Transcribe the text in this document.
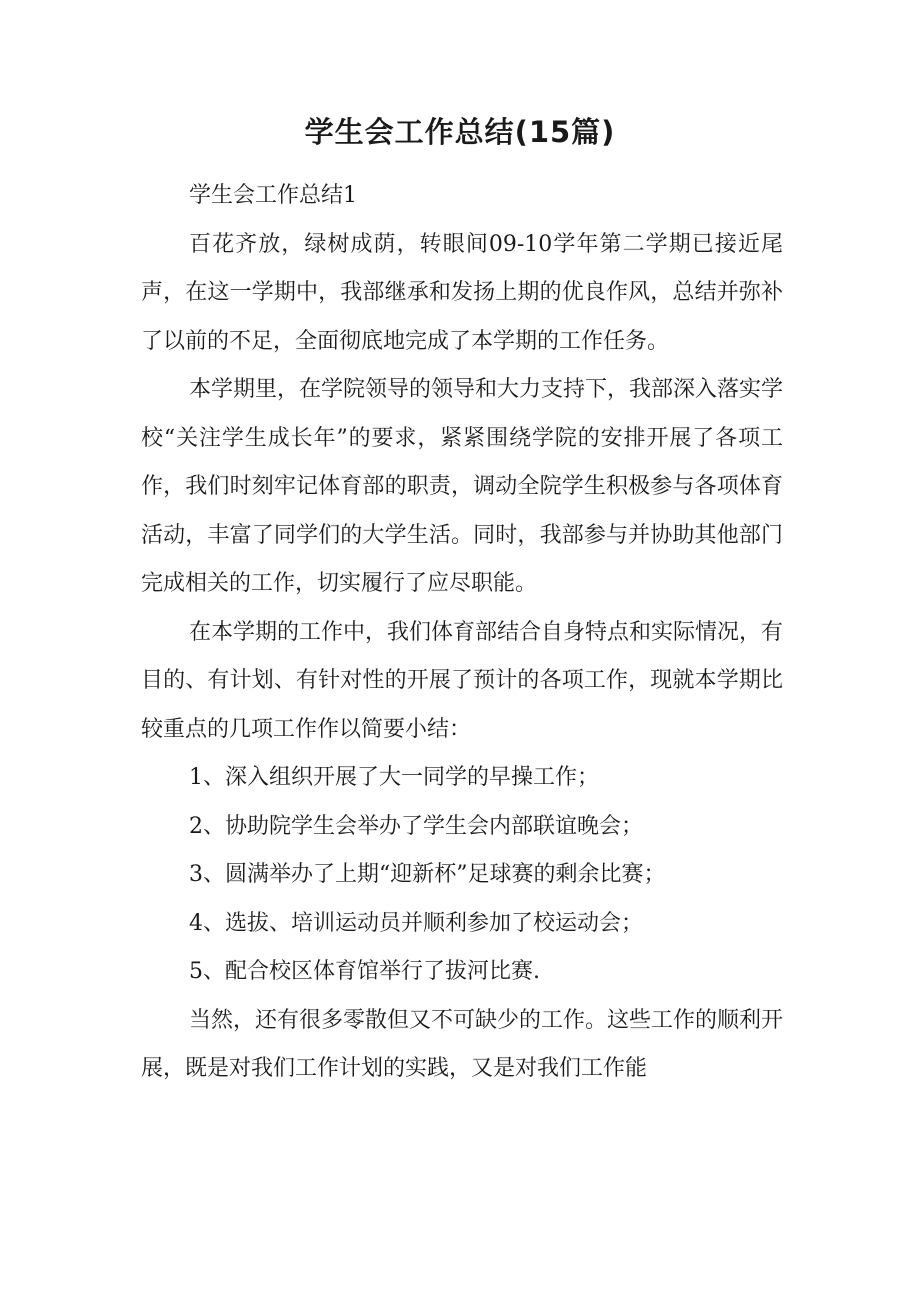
学生会工作总结(15篇)

学生会工作总结1

百花齐放，绿树成荫，转眼间09-10学年第二学期已接近尾声，在这一学期中，我部继承和发扬上期的优良作风，总结并弥补了以前的不足，全面彻底地完成了本学期的工作任务。

本学期里，在学院领导的领导和大力支持下，我部深入落实学校“关注学生成长年”的要求，紧紧围绕学院的安排开展了各项工作，我们时刻牢记体育部的职责，调动全院学生积极参与各项体育活动，丰富了同学们的大学生活。同时，我部参与并协助其他部门完成相关的工作，切实履行了应尽职能。

在本学期的工作中，我们体育部结合自身特点和实际情况，有目的、有计划、有针对性的开展了预计的各项工作，现就本学期比较重点的几项工作作以简要小结：

1、深入组织开展了大一同学的早操工作；

2、协助院学生会举办了学生会内部联谊晚会；

3、圆满举办了上期“迎新杯”足球赛的剩余比赛；

4、选拔、培训运动员并顺利参加了校运动会；

5、配合校区体育馆举行了拔河比赛.

当然，还有很多零散但又不可缺少的工作。这些工作的顺利开展，既是对我们工作计划的实践，又是对我们工作能
